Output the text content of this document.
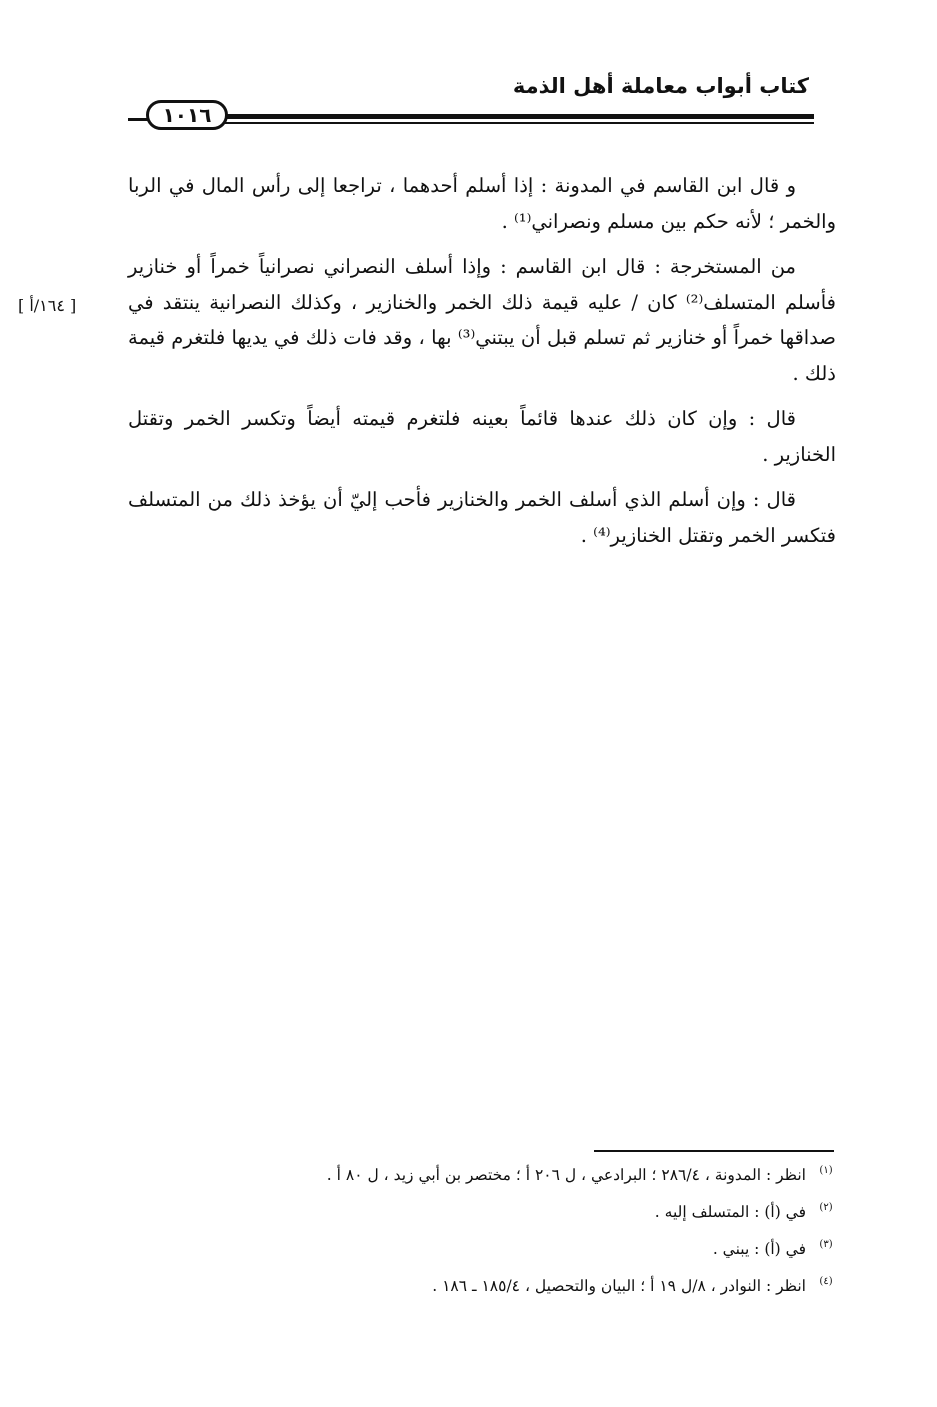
كتاب أبواب معاملة أهل الذمة
١٠١٦
[ ١٦٤/أ ]

و قال ابن القاسم في المدونة : إذا أسلم أحدهما ، تراجعا إلى رأس المال في الربا والخمر ؛ لأنه حكم بين مسلم ونصراني⁽¹⁾ .

من المستخرجة : قال ابن القاسم : وإذا أسلف النصراني نصرانياً خمراً أو خنازير فأسلم المتسلف⁽²⁾ كان / عليه قيمة ذلك الخمر والخنازير ، وكذلك النصرانية ينتقد في صداقها خمراً أو خنازير ثم تسلم قبل أن يبتني⁽³⁾ بها ، وقد فات ذلك في يديها فلتغرم قيمة ذلك .

قال : وإن كان ذلك عندها قائماً بعينه فلتغرم قيمته أيضاً وتكسر الخمر وتقتل الخنازير .

قال : وإن أسلم الذي أسلف الخمر والخنازير فأحب إليّ أن يؤخذ ذلك من المتسلف فتكسر الخمر وتقتل الخنازير⁽⁴⁾ .

(١)
انظر : المدونة ، ٢٨٦/٤ ؛ البرادعي ، ل ٢٠٦ أ ؛ مختصر بن أبي زيد ، ل ٨٠ أ .
(٢)
في (أ) : المتسلف إليه .
(٣)
في (أ) : يبني .
(٤)
انظر : النوادر ، ٨/ل ١٩ أ ؛ البيان والتحصيل ، ١٨٥/٤ ـ ١٨٦ .
